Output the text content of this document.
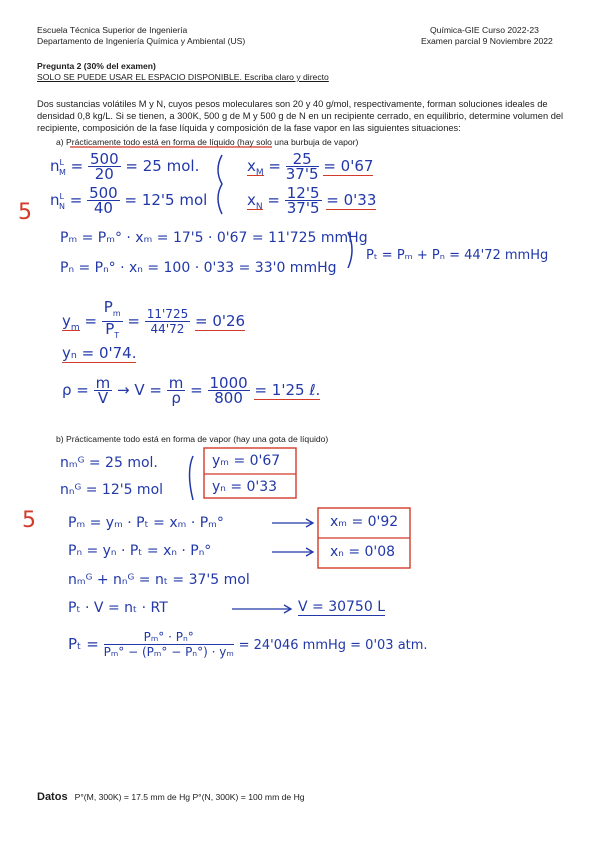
Escuela Técnica Superior de Ingeniería
Departamento de Ingeniería Química y Ambiental (US)
Química-GIE Curso 2022-23
Examen parcial 9 Noviembre 2022
Pregunta 2 (30% del examen)
SOLO SE PUEDE USAR EL ESPACIO DISPONIBLE. Escriba claro y directo
Dos sustancias volátiles M y N, cuyos pesos moleculares son 20 y 40 g/mol, respectivamente, forman soluciones ideales de densidad 0,8 kg/L. Si se tienen, a 300K, 500 g de M y 500 g de N en un recipiente cerrado, en equilibrio, determine volumen del recipiente, composición de la fase líquida y composición de la fase vapor en las siguientes situaciones:
a) Prácticamente todo está en forma de líquido (hay solo una burbuja de vapor)
$n^L_M = \frac{500}{20} = 25$ mol.
$n^L_N = \frac{500}{40} = 12'5$ mol
$x_M = \frac{25}{37'5} = 0'67$
$x_N = \frac{12'5}{37'5} = 0'33$
5
Pₘ = Pₘ° · xₘ = 17'5 · 0'67 = 11'725 mmHg
Pₙ = Pₙ° · xₙ = 100 · 0'33 = 33'0 mmHg
Pₜ = Pₘ + Pₙ = 44'72 mmHg
$y_m = \frac{P_m}{P_T} = \frac{11'725}{44'72} = 0'26$
yₙ = 0'74.
$\rho = \frac{m}{V} \to V = \frac{m}{\rho} = \frac{1000}{800} = 1'25$ ℓ.
b) Prácticamente todo está en forma de vapor (hay una gota de líquido)
nₘᴳ = 25 mol.
nₙᴳ = 12'5 mol
yₘ = 0'67
yₙ = 0'33
5 Pₘ = yₘ · Pₜ = xₘ · Pₘ°
Pₙ = yₙ · Pₜ = xₙ · Pₙ°
nₘᴳ + nₙᴳ = nₜ = 37'5 mol
Pₜ · V = nₜ · RT	V = 30750 L
xₘ = 0'92
xₙ = 0'08
$P_t = \frac{\text{Pₘ° · Pₙ°}}{\text{Pₘ° − (Pₘ° − Pₙ°) · yₘ}} = 24'046$ mmHg = 0'03 atm.
Datos P°(M, 300K) = 17.5 mm de Hg P°(N, 300K) = 100 mm de Hg
